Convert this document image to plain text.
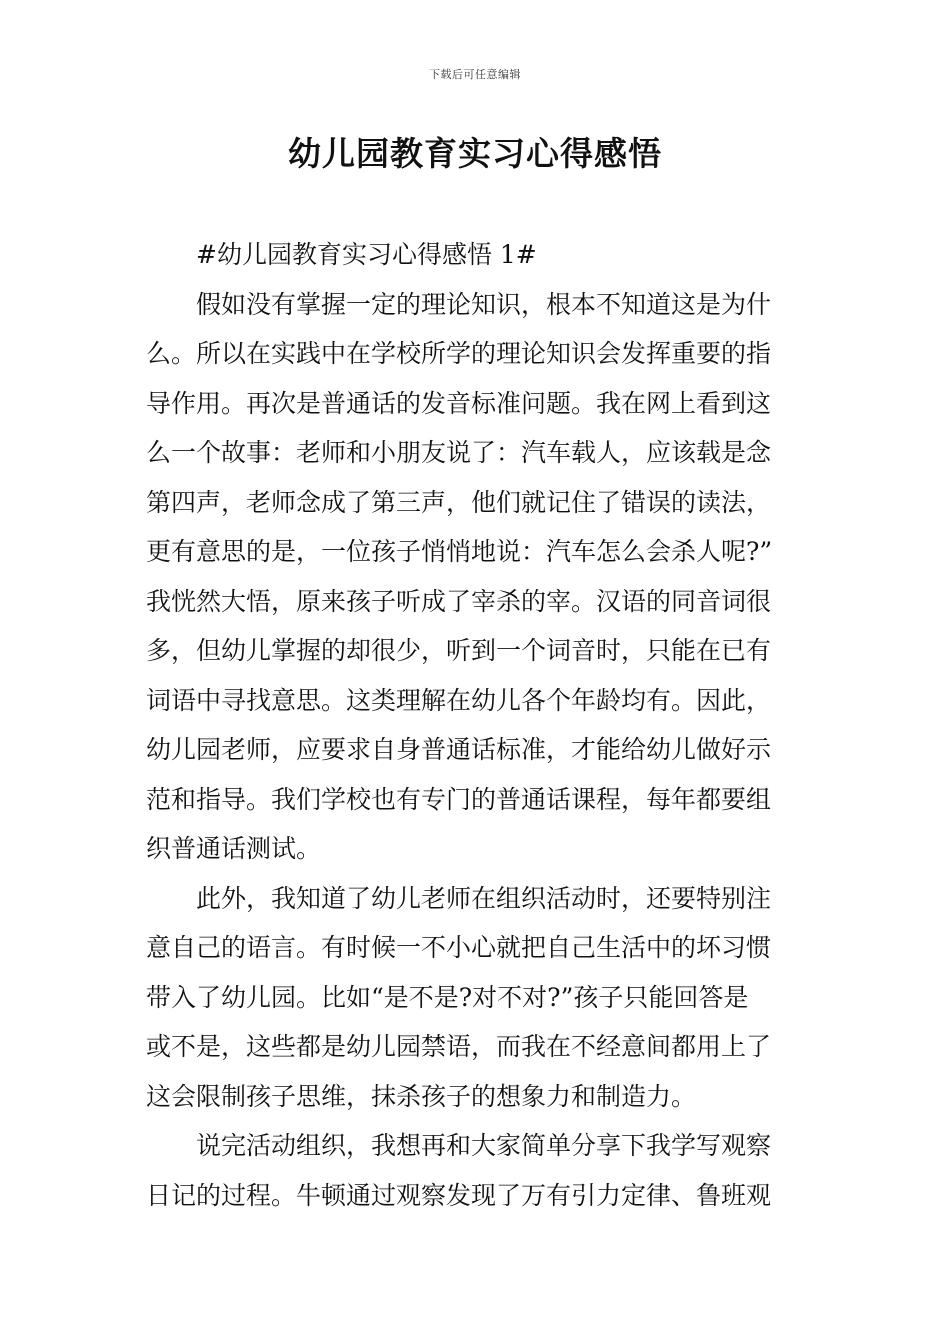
下载后可任意编辑
幼儿园教育实习心得感悟
#幼儿园教育实习心得感悟 1#
假如没有掌握一定的理论知识，根本不知道这是为什
么。所以在实践中在学校所学的理论知识会发挥重要的指
导作用。再次是普通话的发音标准问题。我在网上看到这
么一个故事：老师和小朋友说了：汽车载人，应该载是念
第四声，老师念成了第三声，他们就记住了错误的读法，
更有意思的是，一位孩子悄悄地说：汽车怎么会杀人呢?”
我恍然大悟，原来孩子听成了宰杀的宰。汉语的同音词很
多，但幼儿掌握的却很少，听到一个词音时，只能在已有
词语中寻找意思。这类理解在幼儿各个年龄均有。因此，
幼儿园老师，应要求自身普通话标准，才能给幼儿做好示
范和指导。我们学校也有专门的普通话课程，每年都要组
织普通话测试。
此外，我知道了幼儿老师在组织活动时，还要特别注
意自己的语言。有时候一不小心就把自己生活中的坏习惯
带入了幼儿园。比如“是不是?对不对?”孩子只能回答是
或不是，这些都是幼儿园禁语，而我在不经意间都用上了
这会限制孩子思维，抹杀孩子的想象力和制造力。
说完活动组织，我想再和大家简单分享下我学写观察
日记的过程。牛顿通过观察发现了万有引力定律、鲁班观
